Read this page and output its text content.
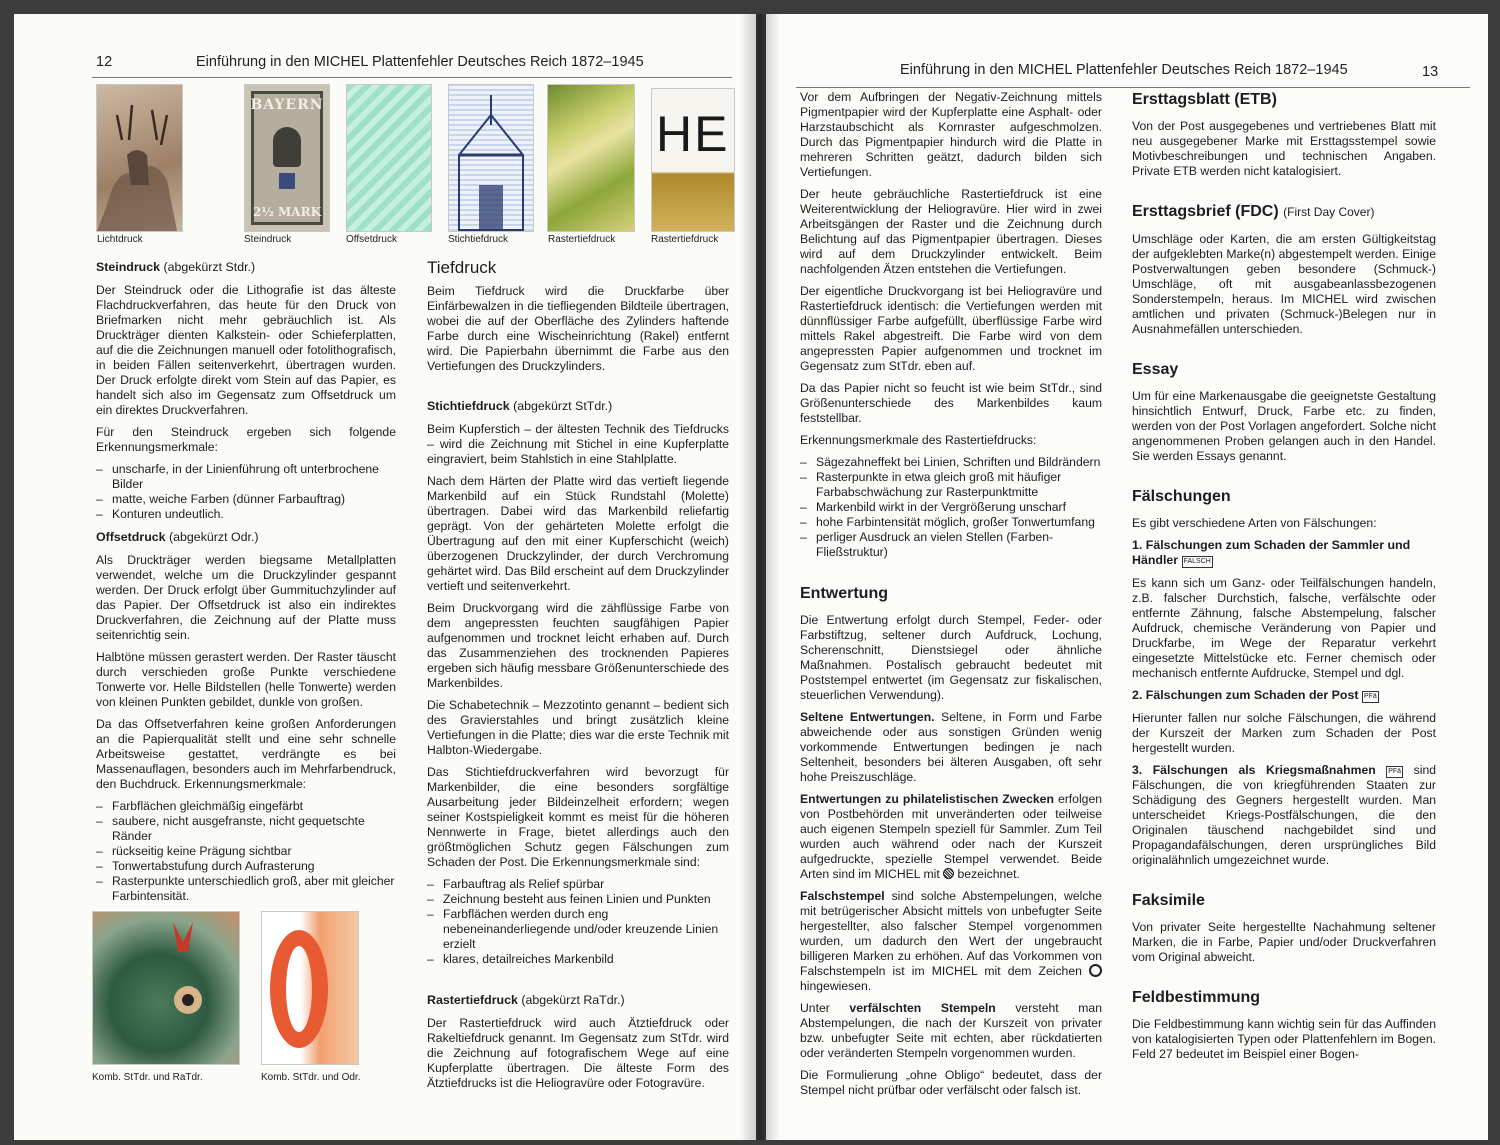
12	Einführung in den MICHEL Plattenfehler Deutsches Reich 1872–1945
BAYERN
2½ MARK
HE
Lichtdruck	Steindruck	Offsetdruck	Stichtiefdruck	Rastertiefdruck	Rastertiefdruck
Steindruck (abgekürzt Stdr.)

Der Steindruck oder die Lithografie ist das älteste Flachdruckverfahren, das heute für den Druck von Briefmarken nicht mehr gebräuchlich ist. Als Druckträger dienten Kalkstein- oder Schieferplatten, auf die die Zeichnungen manuell oder fotolithografisch, in beiden Fällen seitenverkehrt, übertragen wurden. Der Druck erfolgte direkt vom Stein auf das Papier, es handelt sich also im Gegensatz zum Offsetdruck um ein direktes Druckverfahren.

Für den Steindruck ergeben sich folgende Erkennungsmerkmale:

– unscharfe, in der Linienführung oft unterbrochene Bilder
– matte, weiche Farben (dünner Farbauftrag)
– Konturen undeutlich.
Offsetdruck (abgekürzt Odr.)

Als Druckträger werden biegsame Metallplatten verwendet, welche um die Druckzylinder gespannt werden. Der Druck erfolgt über Gummituchzylinder auf das Papier. Der Offsetdruck ist also ein indirektes Druckverfahren, die Zeichnung auf der Platte muss seitenrichtig sein.

Halbtöne müssen gerastert werden. Der Raster täuscht durch verschieden große Punkte verschiedene Tonwerte vor. Helle Bildstellen (helle Tonwerte) werden von kleinen Punkten gebildet, dunkle von großen.

Da das Offsetverfahren keine großen Anforderungen an die Papierqualität stellt und eine sehr schnelle Arbeitsweise gestattet, verdrängte es bei Massenauflagen, besonders auch im Mehrfarbendruck, den Buchdruck. Erkennungsmerkmale:

– Farbflächen gleichmäßig eingefärbt
– saubere, nicht ausgefranste, nicht gequetschte Ränder
– rückseitig keine Prägung sichtbar
– Tonwertabstufung durch Aufrasterung
– Rasterpunkte unterschiedlich groß, aber mit gleicher Farbintensität.
Komb. StTdr. und RaTdr.	Komb. StTdr. und Odr.
Tiefdruck

Beim Tiefdruck wird die Druckfarbe über Einfärbewalzen in die tiefliegenden Bildteile übertragen, wobei die auf der Oberfläche des Zylinders haftende Farbe durch eine Wischeinrichtung (Rakel) entfernt wird. Die Papierbahn übernimmt die Farbe aus den Vertiefungen des Druckzylinders.

Stichtiefdruck (abgekürzt StTdr.)

Beim Kupferstich – der ältesten Technik des Tiefdrucks – wird die Zeichnung mit Stichel in eine Kupferplatte eingraviert, beim Stahlstich in eine Stahlplatte.

Nach dem Härten der Platte wird das vertieft liegende Markenbild auf ein Stück Rundstahl (Molette) übertragen. Dabei wird das Markenbild reliefartig geprägt. Von der gehärteten Molette erfolgt die Übertragung auf den mit einer Kupferschicht (weich) überzogenen Druckzylinder, der durch Verchromung gehärtet wird. Das Bild erscheint auf dem Druckzylinder vertieft und seitenverkehrt.

Beim Druckvorgang wird die zähflüssige Farbe von dem angepressten feuchten saugfähigen Papier aufgenommen und trocknet leicht erhaben auf. Durch das Zusammenziehen des trocknenden Papieres ergeben sich häufig messbare Größenunterschiede des Markenbildes.

Die Schabetechnik – Mezzotinto genannt – bedient sich des Gravierstahles und bringt zusätzlich kleine Vertiefungen in die Platte; dies war die erste Technik mit Halbton-Wiedergabe.

Das Stichtiefdruckverfahren wird bevorzugt für Markenbilder, die eine besonders sorgfältige Ausarbeitung jeder Bildeinzelheit erfordern; wegen seiner Kostspieligkeit kommt es meist für die höheren Nennwerte in Frage, bietet allerdings auch den größtmöglichen Schutz gegen Fälschungen zum Schaden der Post. Die Erkennungsmerkmale sind:

– Farbauftrag als Relief spürbar
– Zeichnung besteht aus feinen Linien und Punkten
– Farbflächen werden durch eng nebeneinanderliegende und/oder kreuzende Linien erzielt
– klares, detailreiches Markenbild
Rastertiefdruck (abgekürzt RaTdr.)

Der Rastertiefdruck wird auch Ätztiefdruck oder Rakeltiefdruck genannt. Im Gegensatz zum StTdr. wird die Zeichnung auf fotografischem Wege auf eine Kupferplatte übertragen. Die älteste Form des Ätztiefdrucks ist die Heliogravüre oder Fotogravüre.

Einführung in den MICHEL Plattenfehler Deutsches Reich 1872–1945	13

Vor dem Aufbringen der Negativ-Zeichnung mittels Pigmentpapier wird der Kupferplatte eine Asphalt- oder Harzstaubschicht als Kornraster aufgeschmolzen. Durch das Pigmentpapier hindurch wird die Platte in mehreren Schritten geätzt, dadurch bilden sich Vertiefungen.

Der heute gebräuchliche Rastertiefdruck ist eine Weiterentwicklung der Heliogravüre. Hier wird in zwei Arbeitsgängen der Raster und die Zeichnung durch Belichtung auf das Pigmentpapier übertragen. Dieses wird auf dem Druckzylinder entwickelt. Beim nachfolgenden Ätzen entstehen die Vertiefungen.

Der eigentliche Druckvorgang ist bei Heliogravüre und Rastertiefdruck identisch: die Vertiefungen werden mit dünnflüssiger Farbe aufgefüllt, überflüssige Farbe wird mittels Rakel abgestreift. Die Farbe wird von dem angepressten Papier aufgenommen und trocknet im Gegensatz zum StTdr. eben auf.

Da das Papier nicht so feucht ist wie beim StTdr., sind Größenunterschiede des Markenbildes kaum feststellbar.

Erkennungsmerkmale des Rastertiefdrucks:

– Sägezahneffekt bei Linien, Schriften und Bildrändern
– Rasterpunkte in etwa gleich groß mit häufiger Farbabschwächung zur Rasterpunktmitte
– Markenbild wirkt in der Vergrößerung unscharf
– hohe Farbintensität möglich, großer Tonwertumfang
– perliger Ausdruck an vielen Stellen (Farben-Fließstruktur)
Entwertung

Die Entwertung erfolgt durch Stempel, Feder- oder Farbstiftzug, seltener durch Aufdruck, Lochung, Scherenschnitt, Dienstsiegel oder ähnliche Maßnahmen. Postalisch gebraucht bedeutet mit Poststempel entwertet (im Gegensatz zur fiskalischen, steuerlichen Verwendung).

Seltene Entwertungen. Seltene, in Form und Farbe abweichende oder aus sonstigen Gründen wenig vorkommende Entwertungen bedingen je nach Seltenheit, besonders bei älteren Ausgaben, oft sehr hohe Preiszuschläge.

Entwertungen zu philatelistischen Zwecken erfolgen von Postbehörden mit unveränderten oder teilweise auch eigenen Stempeln speziell für Sammler. Zum Teil wurden auch während oder nach der Kurszeit aufgedruckte, spezielle Stempel verwendet. Beide Arten sind im MICHEL mit  bezeichnet.

Falschstempel sind solche Abstempelungen, welche mit betrügerischer Absicht mittels von unbefugter Seite hergestellter, also falscher Stempel vorgenommen wurden, um dadurch den Wert der ungebraucht billigeren Marken zu erhöhen. Auf das Vorkommen von Falschstempeln ist im MICHEL mit dem Zeichen  hingewiesen.

Unter verfälschten Stempeln versteht man Abstempelungen, die nach der Kurszeit von privater bzw. unbefugter Seite mit echten, aber rückdatierten oder veränderten Stempeln vorgenommen wurden.

Die Formulierung „ohne Obligo“ bedeutet, dass der Stempel nicht prüfbar oder verfälscht oder falsch ist.

Ersttagsblatt (ETB)

Von der Post ausgegebenes und vertriebenes Blatt mit neu ausgegebener Marke mit Ersttagsstempel sowie Motivbeschreibungen und technischen Angaben. Private ETB werden nicht katalogisiert.

Ersttagsbrief (FDC) (First Day Cover)

Umschläge oder Karten, die am ersten Gültigkeitstag der aufgeklebten Marke(n) abgestempelt werden. Einige Postverwaltungen geben besondere (Schmuck-) Umschläge, oft mit ausgabeanlassbezogenen Sonderstempeln, heraus. Im MICHEL wird zwischen amtlichen und privaten (Schmuck-)Belegen nur in Ausnahmefällen unterschieden.

Essay

Um für eine Markenausgabe die geeignetste Gestaltung hinsichtlich Entwurf, Druck, Farbe etc. zu finden, werden von der Post Vorlagen angefordert. Solche nicht angenommenen Proben gelangen auch in den Handel. Sie werden Essays genannt.

Fälschungen

Es gibt verschiedene Arten von Fälschungen:

1. Fälschungen zum Schaden der Sammler und Händler FALSCH

Es kann sich um Ganz- oder Teilfälschungen handeln, z.B. falscher Durchstich, falsche, verfälschte oder entfernte Zähnung, falsche Abstempelung, falscher Aufdruck, chemische Veränderung von Papier und Druckfarbe, im Wege der Reparatur verkehrt eingesetzte Mittelstücke etc. Ferner chemisch oder mechanisch entfernte Aufdrucke, Stempel und dgl.

2. Fälschungen zum Schaden der Post PFä

Hierunter fallen nur solche Fälschungen, die während der Kurszeit der Marken zum Schaden der Post hergestellt wurden.

3. Fälschungen als Kriegsmaßnahmen PFä sind Fälschungen, die von kriegführenden Staaten zur Schädigung des Gegners hergestellt wurden. Man unterscheidet Kriegs-Postfälschungen, die den Originalen täuschend nachgebildet sind und Propagandafälschungen, deren ursprüngliches Bild originalähnlich umgezeichnet wurde.

Faksimile

Von privater Seite hergestellte Nachahmung seltener Marken, die in Farbe, Papier und/oder Druckverfahren vom Original abweicht.

Feldbestimmung

Die Feldbestimmung kann wichtig sein für das Auffinden von katalogisierten Typen oder Plattenfehlern im Bogen. Feld 27 bedeutet im Beispiel einer Bogen-
